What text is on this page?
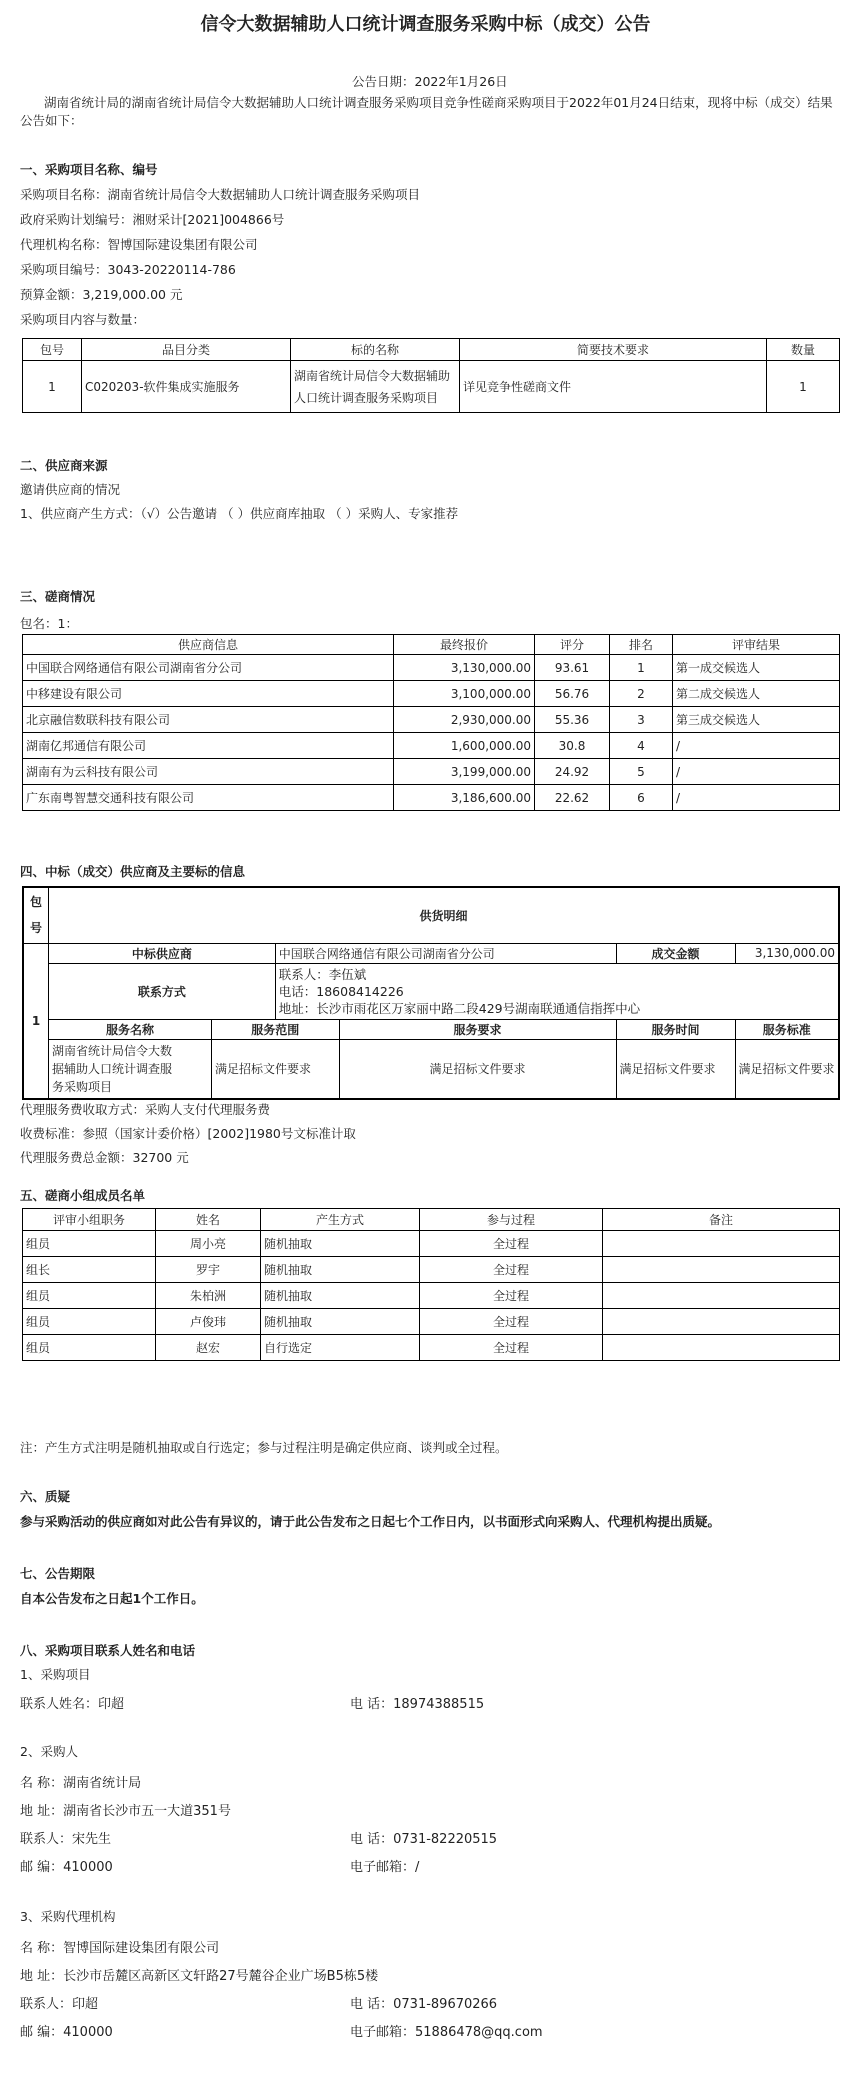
信令大数据辅助人口统计调查服务采购中标（成交）公告
公告日期：2022年1月26日
湖南省统计局的湖南省统计局信令大数据辅助人口统计调查服务采购项目竞争性磋商采购项目于2022年01月24日结束，现将中标（成交）结果
公告如下：
一、采购项目名称、编号
采购项目名称：湖南省统计局信令大数据辅助人口统计调查服务采购项目
政府采购计划编号：湘财采计[2021]004866号
代理机构名称：智博国际建设集团有限公司
采购项目编号：3043-20220114-786
预算金额：3,219,000.00 元
采购项目内容与数量：
包号	品目分类	标的名称	简要技术要求	数量
1	C020203-软件集成实施服务	湖南省统计局信令大数据辅助
人口统计调查服务采购项目	详见竞争性磋商文件	1
二、供应商来源
邀请供应商的情况
1、供应商产生方式：（√）公告邀请 （ ）供应商库抽取 （ ）采购人、专家推荐
三、磋商情况
包名：1：
供应商信息	最终报价	评分	排名	评审结果
中国联合网络通信有限公司湖南省分公司	3,130,000.00	93.61	1	第一成交候选人
中移建设有限公司	3,100,000.00	56.76	2	第二成交候选人
北京融信数联科技有限公司	2,930,000.00	55.36	3	第三成交候选人
湖南亿邦通信有限公司	1,600,000.00	30.8	4	/
湖南有为云科技有限公司	3,199,000.00	24.92	5	/
广东南粤智慧交通科技有限公司	3,186,600.00	22.62	6	/
四、中标（成交）供应商及主要标的信息
包
号	供货明细					
1	中标供应商		中国联合网络通信有限公司湖南省分公司		成交金额	3,130,000.00
	联系方式		联系人：李伍斌
电话：18608414226
地址：长沙市雨花区万家丽中路二段429号湖南联通通信指挥中心			

	服务名称	服务范围		服务要求	服务时间	服务标准

	湖南省统计局信令大数
据辅助人口统计调查服
务采购项目	满足招标文件要求		满足招标文件要求	满足招标文件要求	满足招标文件要求
代理服务费收取方式：采购人支付代理服务费
收费标准：参照（国家计委价格）[2002]1980号文标准计取
代理服务费总金额：32700 元
五、磋商小组成员名单
评审小组职务	姓名	产生方式	参与过程	备注
组员	周小亮	随机抽取	全过程	
组长	罗宇	随机抽取	全过程	
组员	朱柏洲	随机抽取	全过程	
组员	卢俊玮	随机抽取	全过程	
组员	赵宏	自行选定	全过程	
注：产生方式注明是随机抽取或自行选定；参与过程注明是确定供应商、谈判或全过程。
六、质疑
参与采购活动的供应商如对此公告有异议的，请于此公告发布之日起七个工作日内，以书面形式向采购人、代理机构提出质疑。
七、公告期限
自本公告发布之日起1个工作日。
八、采购项目联系人姓名和电话
1、采购项目
联系人姓名：印超	电 话：18974388515
2、采购人
名 称：湖南省统计局
地 址：湖南省长沙市五一大道351号
联系人：宋先生	电 话：0731-82220515
邮 编：410000	电子邮箱：/
3、采购代理机构
名 称：智博国际建设集团有限公司
地 址：长沙市岳麓区高新区文轩路27号麓谷企业广场B5栋5楼
联系人：印超	电 话：0731-89670266
邮 编：410000	电子邮箱：51886478@qq.com
